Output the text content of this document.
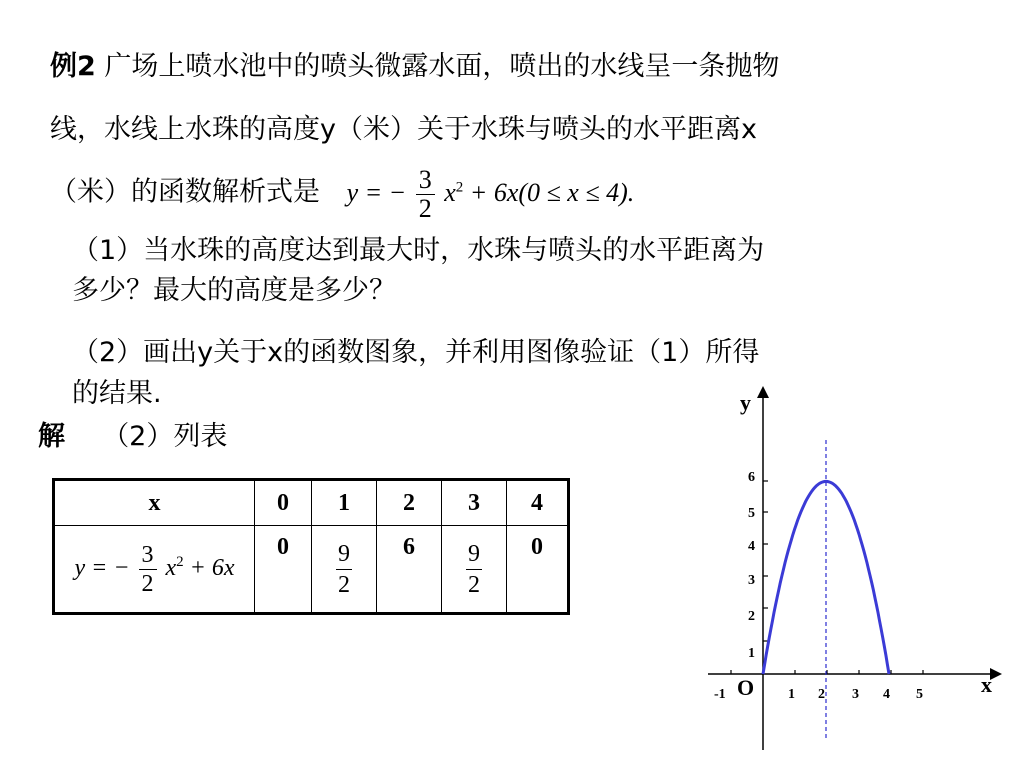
例2 广场上喷水池中的喷头微露水面，喷出的水线呈一条抛物
线，水线上水珠的高度y（米）关于水珠与喷头的水平距离x
（米）的函数解析式是 y = − $\frac{3}{2} x^2 + 6x(0 \le x \le 4)$.
（1）当水珠的高度达到最大时，水珠与喷头的水平距离为
多少？最大的高度是多少？
（2）画出y关于x的函数图象，并利用图像验证（1）所得
的结果.
解 （2）列表
x	0	1	2	3	4
y = − $\frac{3}{2} x^2 + 6x$	0	$\frac{9}{2}$	6	$\frac{9}{2}$	0
y
x
O
-1	1 2 3 4 5
1
2
3
4
5
6
